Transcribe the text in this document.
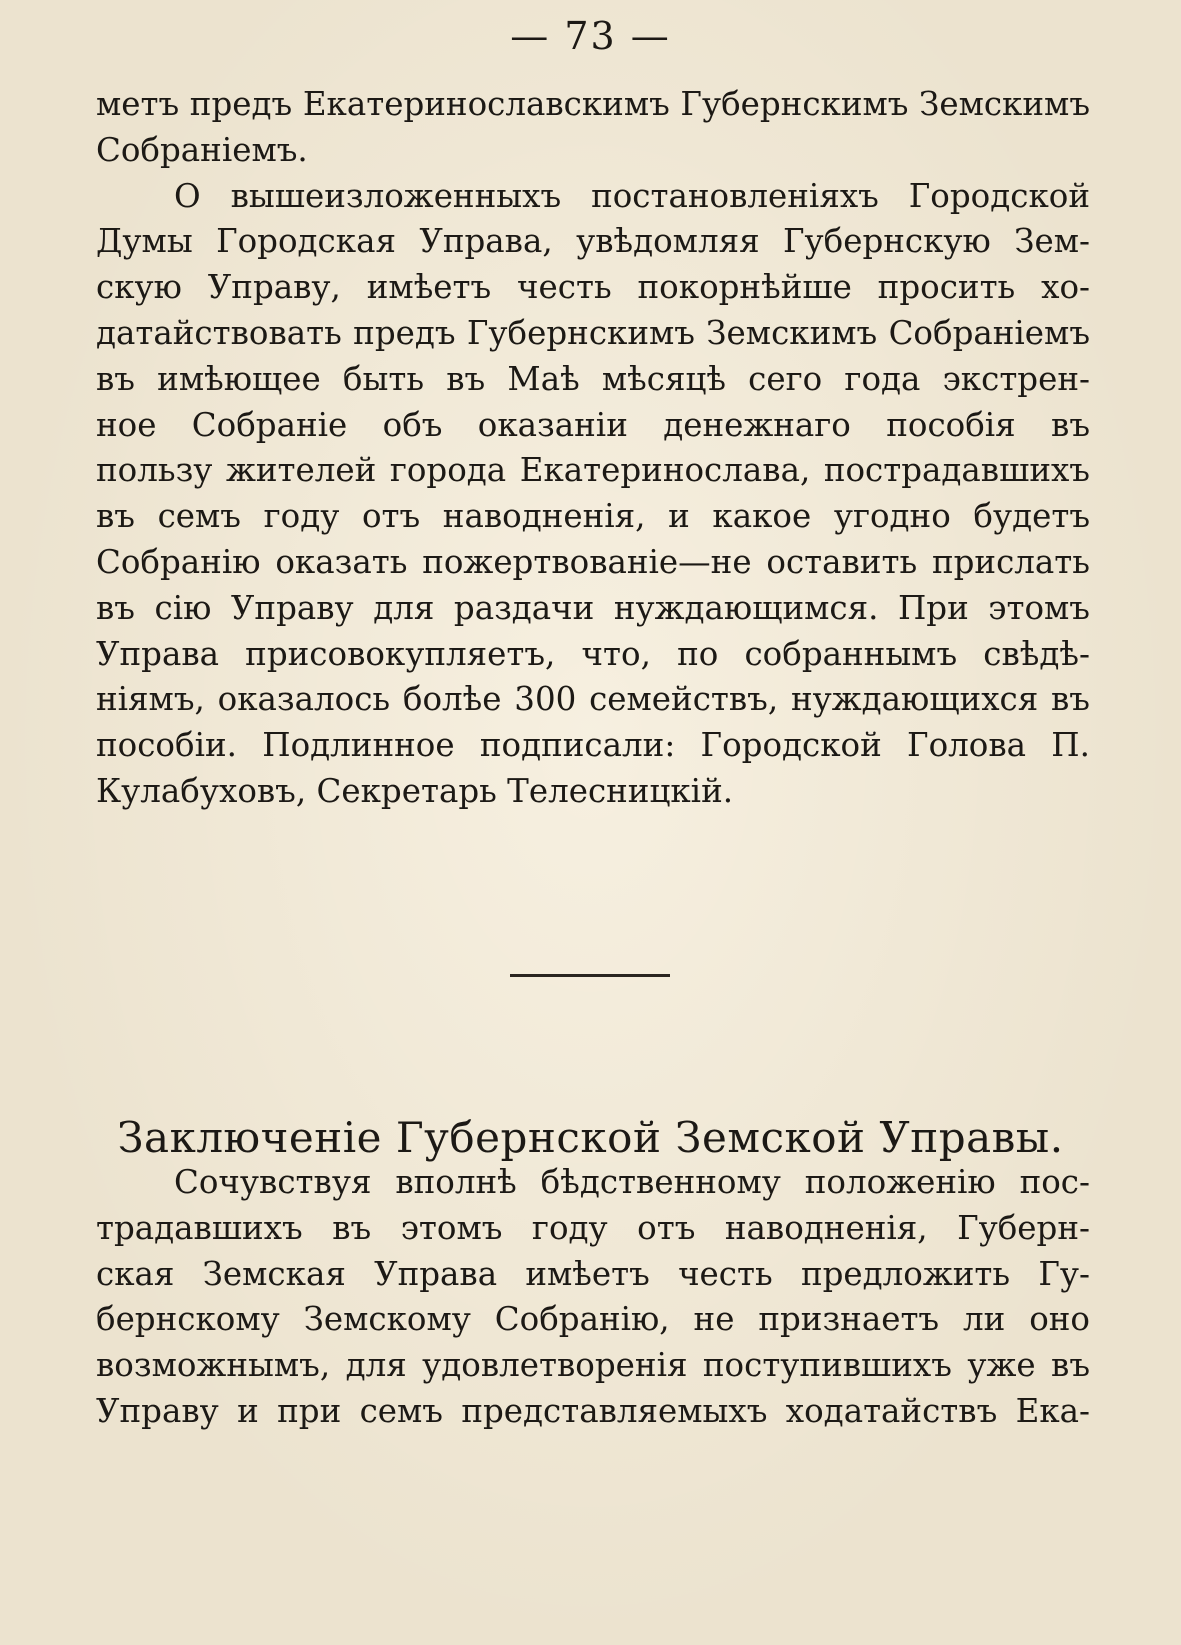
— 73 —
метъ предъ Екатеринославскимъ Губернскимъ Земскимъ
Собраніемъ.
О вышеизложенныхъ постановленіяхъ Городской
Думы Городская Управа, увѣдомляя Губернскую Зем-
скую Управу, имѣетъ честь покорнѣйше просить хо-
датайствовать предъ Губернскимъ Земскимъ Собраніемъ
въ имѣющее быть въ Маѣ мѣсяцѣ сего года экстрен-
ное Собраніе объ оказаніи денежнаго пособія въ
пользу жителей города Екатеринослава, пострадавшихъ
въ семъ году отъ наводненія, и какое угодно будетъ
Собранію оказать пожертвованіе—не оставить прислать
въ сію Управу для раздачи нуждающимся. При этомъ
Управа присовокупляетъ, что, по собраннымъ свѣдѣ-
ніямъ, оказалось болѣе 300 семействъ, нуждающихся въ
пособіи. Подлинное подписали: Городской Голова П.
Кулабуховъ, Секретарь Телесницкій.
Заключеніе Губернской Земской Управы.
Сочувствуя вполнѣ бѣдственному положенію пос-
традавшихъ въ этомъ году отъ наводненія, Губерн-
ская Земская Управа имѣетъ честь предложить Гу-
бернскому Земскому Собранію, не признаетъ ли оно
возможнымъ, для удовлетворенія поступившихъ уже въ
Управу и при семъ представляемыхъ ходатайствъ Ека-
